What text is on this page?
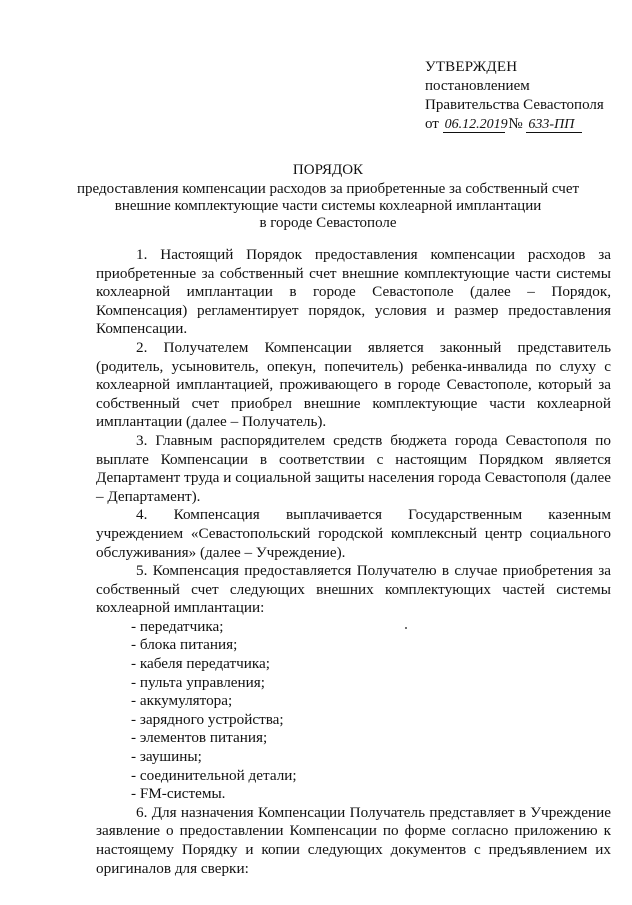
УТВЕРЖДЕН
постановлением
Правительства Севастополя
от 06.12.2019 № 633-ПП
ПОРЯДОК
предоставления компенсации расходов за приобретенные за собственный счет
внешние комплектующие части системы кохлеарной имплантации
в городе Севастополе

1. Настоящий Порядок предоставления компенсации расходов за приобретенные за собственный счет внешние комплектующие части системы кохлеарной имплантации в городе Севастополе (далее – Порядок, Компенсация) регламентирует порядок, условия и размер предоставления Компенсации.

2. Получателем Компенсации является законный представитель (родитель, усыновитель, опекун, попечитель) ребенка-инвалида по слуху с кохлеарной имплантацией, проживающего в городе Севастополе, который за собственный счет приобрел внешние комплектующие части кохлеарной имплантации (далее – Получатель).

3. Главным распорядителем средств бюджета города Севастополя по выплате Компенсации в соответствии с настоящим Порядком является Департамент труда и социальной защиты населения города Севастополя (далее – Департамент).

4. Компенсация выплачивается Государственным казенным учреждением «Севастопольский городской комплексный центр социального обслуживания» (далее – Учреждение).

5. Компенсация предоставляется Получателю в случае приобретения за собственный счет следующих внешних комплектующих частей системы кохлеарной имплантации:

- передатчика;
- блока питания;
- кабеля передатчика;
- пульта управления;
- аккумулятора;
- зарядного устройства;
- элементов питания;
- заушины;
- соединительной детали;
- FM-системы.

6. Для назначения Компенсации Получатель представляет в Учреждение заявление о предоставлении Компенсации по форме согласно приложению к настоящему Порядку и копии следующих документов с предъявлением их оригиналов для сверки:
